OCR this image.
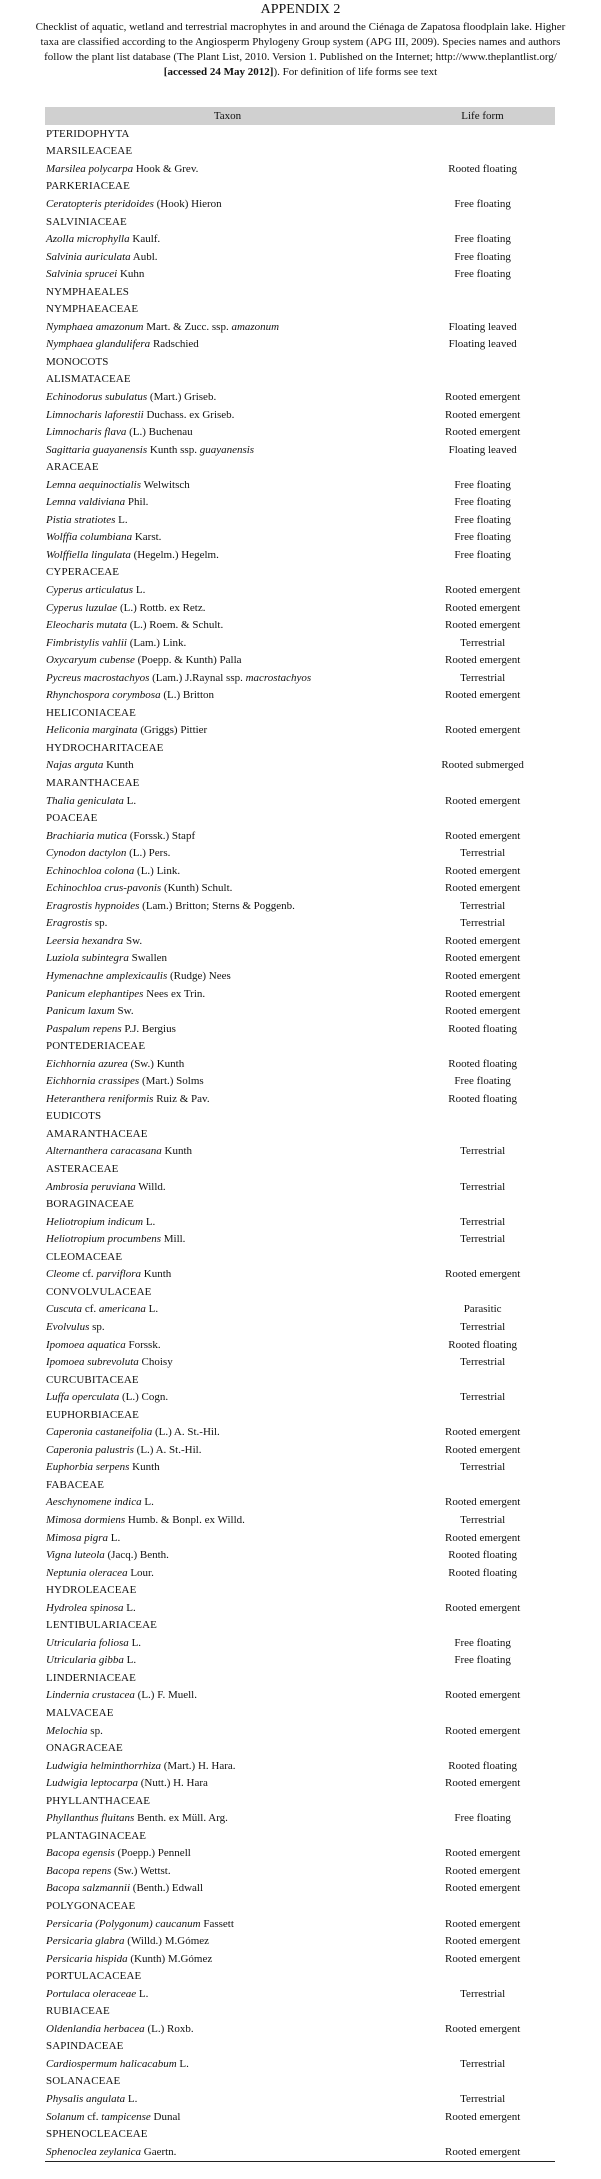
APPENDIX 2
Checklist of aquatic, wetland and terrestrial macrophytes in and around the Ciénaga de Zapatosa floodplain lake. Higher taxa are classified according to the Angiosperm Phylogeny Group system (APG III, 2009). Species names and authors follow the plant list database (The Plant List, 2010. Version 1. Published on the Internet; http://www.theplantlist.org/ [accessed 24 May 2012]). For definition of life forms see text
Taxon	Life form
PTERIDOPHYTA
MARSILEACEAE
Marsilea polycarpa Hook & Grev.	Rooted floating
PARKERIACEAE
Ceratopteris pteridoides (Hook) Hieron	Free floating
SALVINIACEAE
Azolla microphylla Kaulf.	Free floating
Salvinia auriculata Aubl.	Free floating
Salvinia sprucei Kuhn	Free floating
NYMPHAEALES
NYMPHAEACEAE
Nymphaea amazonum Mart. & Zucc. ssp. amazonum	Floating leaved
Nymphaea glandulifera Radschied	Floating leaved
MONOCOTS
ALISMATACEAE
Echinodorus subulatus (Mart.) Griseb.	Rooted emergent
Limnocharis laforestii Duchass. ex Griseb.	Rooted emergent
Limnocharis flava (L.) Buchenau	Rooted emergent
Sagittaria guayanensis Kunth ssp. guayanensis	Floating leaved
ARACEAE
Lemna aequinoctialis Welwitsch	Free floating
Lemna valdiviana Phil.	Free floating
Pistia stratiotes L.	Free floating
Wolffia columbiana Karst.	Free floating
Wolffiella lingulata (Hegelm.) Hegelm.	Free floating
CYPERACEAE
Cyperus articulatus L.	Rooted emergent
Cyperus luzulae (L.) Rottb. ex Retz.	Rooted emergent
Eleocharis mutata (L.) Roem. & Schult.	Rooted emergent
Fimbristylis vahlii (Lam.) Link.	Terrestrial
Oxycaryum cubense (Poepp. & Kunth) Palla	Rooted emergent
Pycreus macrostachyos (Lam.) J.Raynal ssp. macrostachyos	Terrestrial
Rhynchospora corymbosa (L.) Britton	Rooted emergent
HELICONIACEAE
Heliconia marginata (Griggs) Pittier	Rooted emergent
HYDROCHARITACEAE
Najas arguta Kunth	Rooted submerged
MARANTHACEAE
Thalia geniculata L.	Rooted emergent
POACEAE
Brachiaria mutica (Forssk.) Stapf	Rooted emergent
Cynodon dactylon (L.) Pers.	Terrestrial
Echinochloa colona (L.) Link.	Rooted emergent
Echinochloa crus-pavonis (Kunth) Schult.	Rooted emergent
Eragrostis hypnoides (Lam.) Britton; Sterns & Poggenb.	Terrestrial
Eragrostis sp.	Terrestrial
Leersia hexandra Sw.	Rooted emergent
Luziola subintegra Swallen	Rooted emergent
Hymenachne amplexicaulis (Rudge) Nees	Rooted emergent
Panicum elephantipes Nees ex Trin.	Rooted emergent
Panicum laxum Sw.	Rooted emergent
Paspalum repens P.J. Bergius	Rooted floating
PONTEDERIACEAE
Eichhornia azurea (Sw.) Kunth	Rooted floating
Eichhornia crassipes (Mart.) Solms	Free floating
Heteranthera reniformis Ruiz & Pav.	Rooted floating
EUDICOTS
AMARANTHACEAE
Alternanthera caracasana Kunth	Terrestrial
ASTERACEAE
Ambrosia peruviana Willd.	Terrestrial
BORAGINACEAE
Heliotropium indicum L.	Terrestrial
Heliotropium procumbens Mill.	Terrestrial
CLEOMACEAE
Cleome cf. parviflora Kunth	Rooted emergent
CONVOLVULACEAE
Cuscuta cf. americana L.	Parasitic
Evolvulus sp.	Terrestrial
Ipomoea aquatica Forssk.	Rooted floating
Ipomoea subrevoluta Choisy	Terrestrial
CURCUBITACEAE
Luffa operculata (L.) Cogn.	Terrestrial
EUPHORBIACEAE
Caperonia castaneifolia (L.) A. St.-Hil.	Rooted emergent
Caperonia palustris (L.) A. St.-Hil.	Rooted emergent
Euphorbia serpens Kunth	Terrestrial
FABACEAE
Aeschynomene indica L.	Rooted emergent
Mimosa dormiens Humb. & Bonpl. ex Willd.	Terrestrial
Mimosa pigra L.	Rooted emergent
Vigna luteola (Jacq.) Benth.	Rooted floating
Neptunia oleracea Lour.	Rooted floating
HYDROLEACEAE
Hydrolea spinosa L.	Rooted emergent
LENTIBULARIACEAE
Utricularia foliosa L.	Free floating
Utricularia gibba L.	Free floating
LINDERNIACEAE
Lindernia crustacea (L.) F. Muell.	Rooted emergent
MALVACEAE
Melochia sp.	Rooted emergent
ONAGRACEAE
Ludwigia helminthorrhiza (Mart.) H. Hara.	Rooted floating
Ludwigia leptocarpa (Nutt.) H. Hara	Rooted emergent
PHYLLANTHACEAE
Phyllanthus fluitans Benth. ex Müll. Arg.	Free floating
PLANTAGINACEAE
Bacopa egensis (Poepp.) Pennell	Rooted emergent
Bacopa repens (Sw.) Wettst.	Rooted emergent
Bacopa salzmannii (Benth.) Edwall	Rooted emergent
POLYGONACEAE
Persicaria (Polygonum) caucanum Fassett	Rooted emergent
Persicaria glabra (Willd.) M.Gómez	Rooted emergent
Persicaria hispida (Kunth) M.Gómez	Rooted emergent
PORTULACACEAE
Portulaca oleraceae L.	Terrestrial
RUBIACEAE
Oldenlandia herbacea (L.) Roxb.	Rooted emergent
SAPINDACEAE
Cardiospermum halicacabum L.	Terrestrial
SOLANACEAE
Physalis angulata L.	Terrestrial
Solanum cf. tampicense Dunal	Rooted emergent
SPHENOCLEACEAE
Sphenoclea zeylanica Gaertn.	Rooted emergent
